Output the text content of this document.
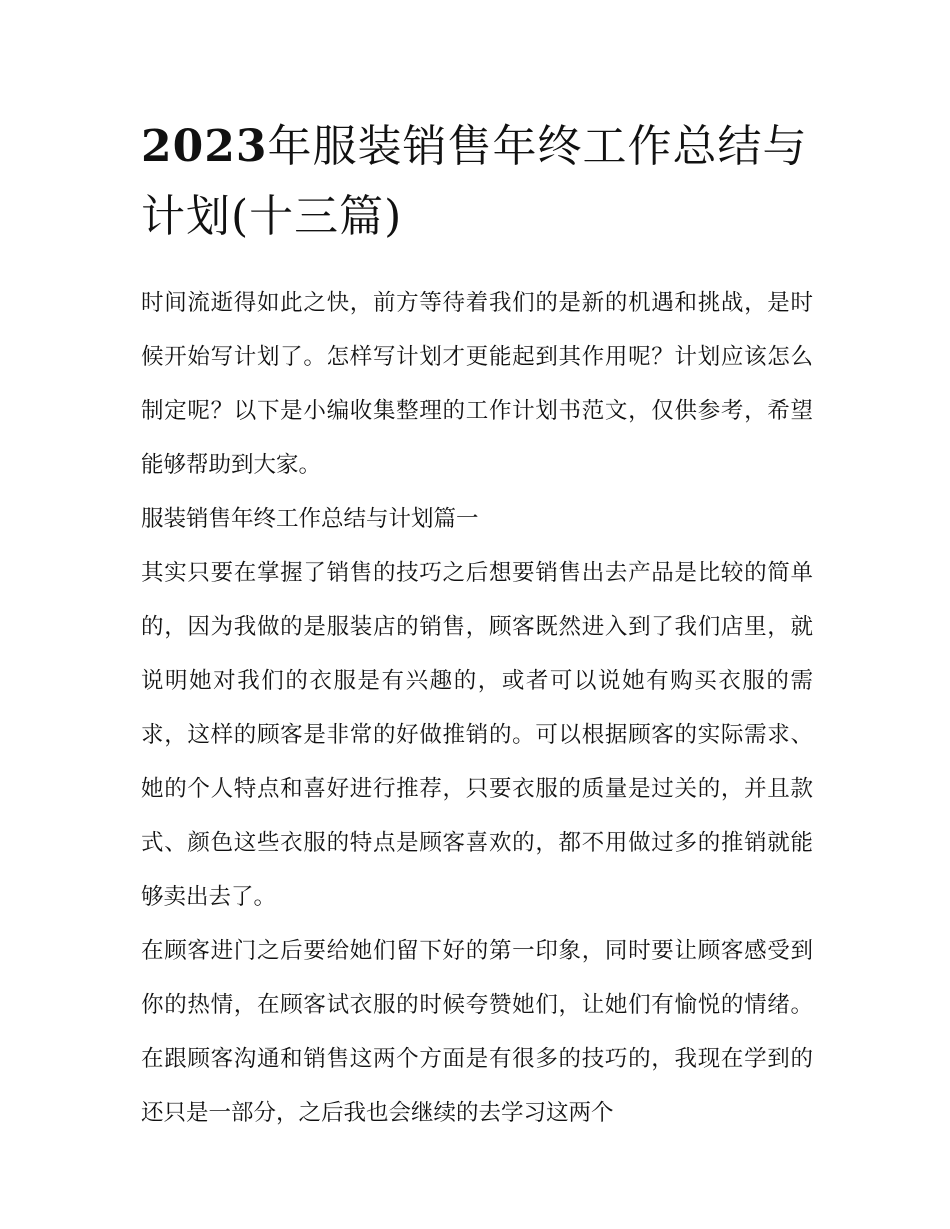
2023年服装销售年终工作总结与计划(十三篇)

时间流逝得如此之快，前方等待着我们的是新的机遇和挑战，是时候开始写计划了。怎样写计划才更能起到其作用呢？计划应该怎么制定呢？以下是小编收集整理的工作计划书范文，仅供参考，希望能够帮助到大家。

服装销售年终工作总结与计划篇一

其实只要在掌握了销售的技巧之后想要销售出去产品是比较的简单的，因为我做的是服装店的销售，顾客既然进入到了我们店里，就说明她对我们的衣服是有兴趣的，或者可以说她有购买衣服的需求，这样的顾客是非常的好做推销的。可以根据顾客的实际需求、她的个人特点和喜好进行推荐，只要衣服的质量是过关的，并且款式、颜色这些衣服的特点是顾客喜欢的，都不用做过多的推销就能够卖出去了。

在顾客进门之后要给她们留下好的第一印象，同时要让顾客感受到你的热情，在顾客试衣服的时候夸赞她们，让她们有愉悦的情绪。在跟顾客沟通和销售这两个方面是有很多的技巧的，我现在学到的还只是一部分，之后我也会继续的去学习这两个
